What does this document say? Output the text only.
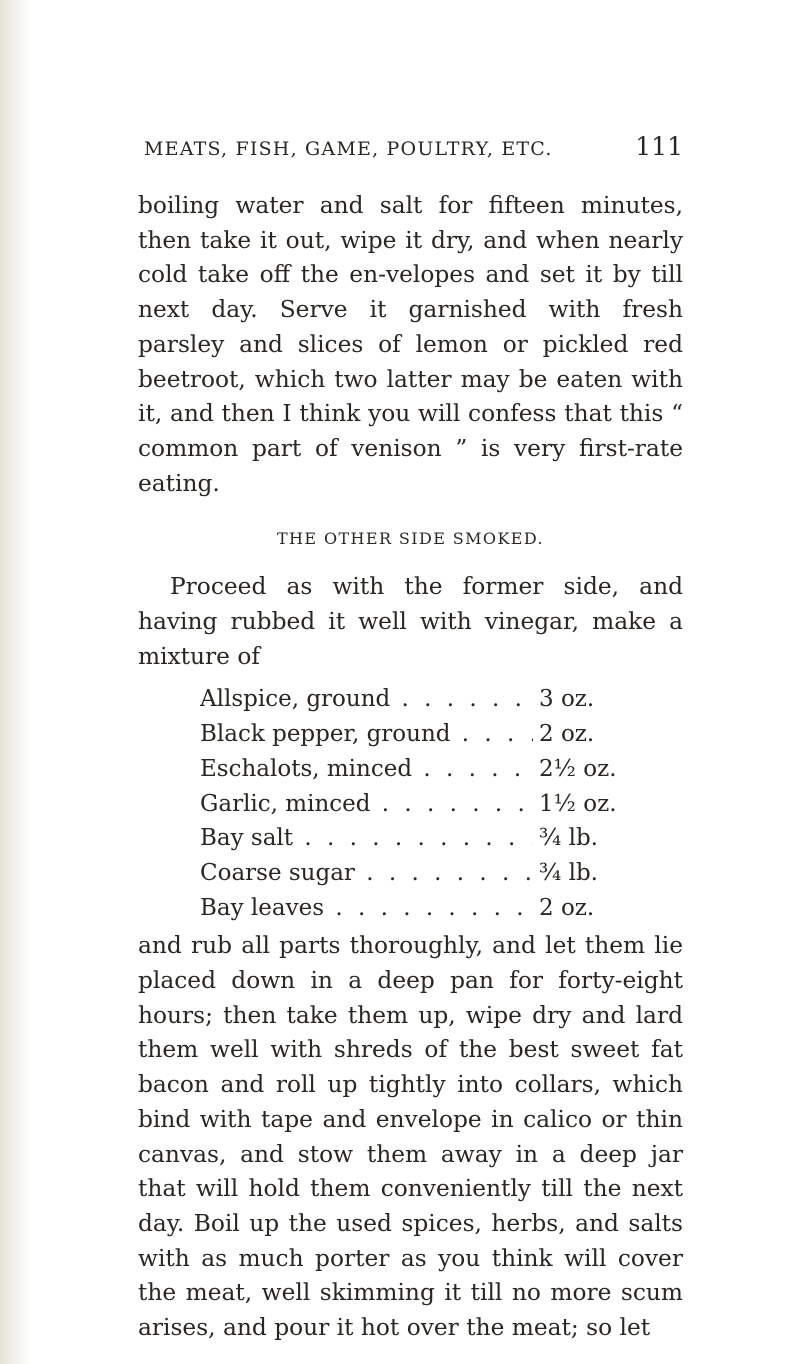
MEATS, FISH, GAME, POULTRY, ETC.	111

boiling water and salt for fifteen minutes, then take it out, wipe it dry, and when nearly cold take off the en-velopes and set it by till next day. Serve it garnished with fresh parsley and slices of lemon or pickled red beetroot, which two latter may be eaten with it, and then I think you will confess that this “ common part of venison ” is very first-rate eating.

THE OTHER SIDE SMOKED.

Proceed as with the former side, and having rubbed it well with vinegar, make a mixture of

Allspice, ground . . .	3 oz.
Black pepper, ground . . .	2 oz.
Eschalots, minced . . .	2½ oz.
Garlic, minced . . .	1½ oz.
Bay salt . . .	¾ lb.
Coarse sugar . . .	¾ lb.
Bay leaves . . .	2 oz.

and rub all parts thoroughly, and let them lie placed down in a deep pan for forty-eight hours; then take them up, wipe dry and lard them well with shreds of the best sweet fat bacon and roll up tightly into collars, which bind with tape and envelope in calico or thin canvas, and stow them away in a deep jar that will hold them conveniently till the next day. Boil up the used spices, herbs, and salts with as much porter as you think will cover the meat, well skimming it till no more scum arises, and pour it hot over the meat; so let
